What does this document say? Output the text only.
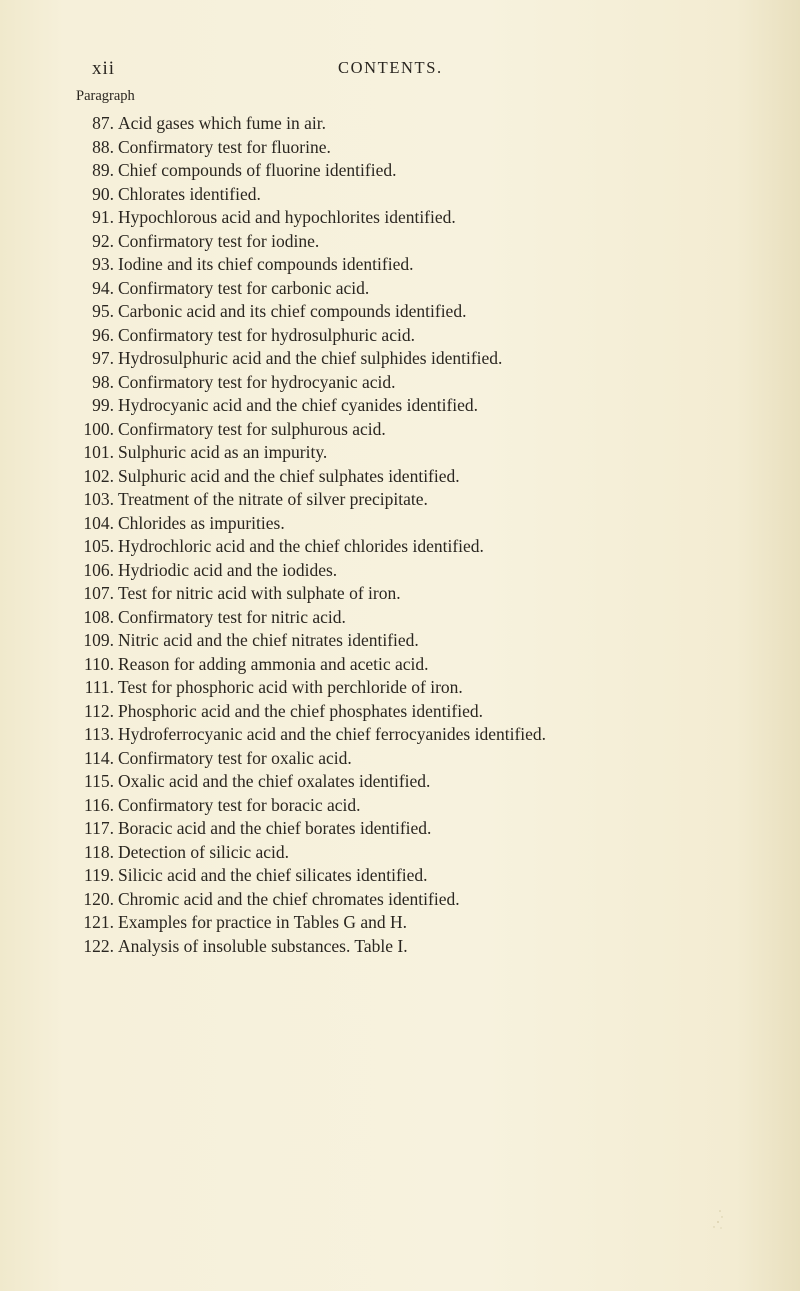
xii	CONTENTS.
Paragraph
87. Acid gases which fume in air.
88. Confirmatory test for fluorine.
89. Chief compounds of fluorine identified.
90. Chlorates identified.
91. Hypochlorous acid and hypochlorites identified.
92. Confirmatory test for iodine.
93. Iodine and its chief compounds identified.
94. Confirmatory test for carbonic acid.
95. Carbonic acid and its chief compounds identified.
96. Confirmatory test for hydrosulphuric acid.
97. Hydrosulphuric acid and the chief sulphides identified.
98. Confirmatory test for hydrocyanic acid.
99. Hydrocyanic acid and the chief cyanides identified.
100. Confirmatory test for sulphurous acid.
101. Sulphuric acid as an impurity.
102. Sulphuric acid and the chief sulphates identified.
103. Treatment of the nitrate of silver precipitate.
104. Chlorides as impurities.
105. Hydrochloric acid and the chief chlorides identified.
106. Hydriodic acid and the iodides.
107. Test for nitric acid with sulphate of iron.
108. Confirmatory test for nitric acid.
109. Nitric acid and the chief nitrates identified.
110. Reason for adding ammonia and acetic acid.
111. Test for phosphoric acid with perchloride of iron.
112. Phosphoric acid and the chief phosphates identified.
113. Hydroferrocyanic acid and the chief ferrocyanides identified.
114. Confirmatory test for oxalic acid.
115. Oxalic acid and the chief oxalates identified.
116. Confirmatory test for boracic acid.
117. Boracic acid and the chief borates identified.
118. Detection of silicic acid.
119. Silicic acid and the chief silicates identified.
120. Chromic acid and the chief chromates identified.
121. Examples for practice in Tables G and H.
122. Analysis of insoluble substances. Table I.
